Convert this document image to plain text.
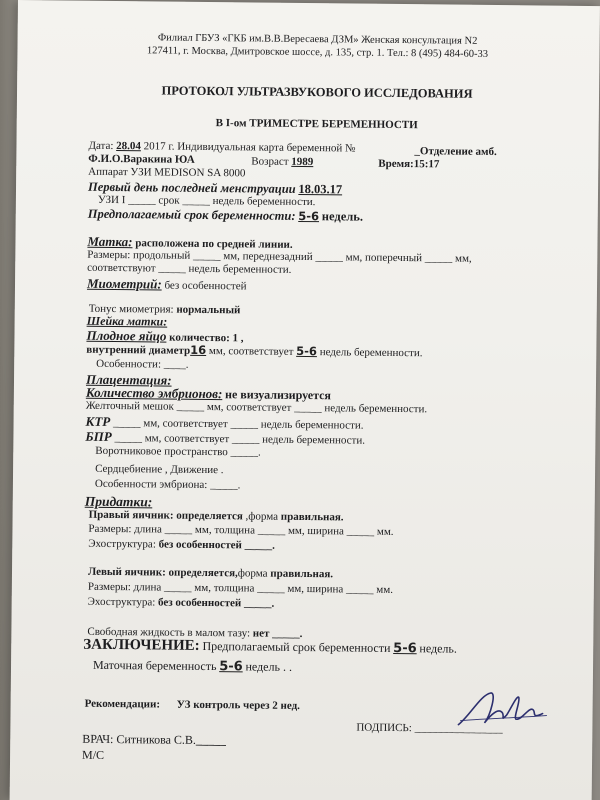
Филиал ГБУЗ «ГКБ им.В.В.Вересаева ДЗМ» Женская консультация N2
127411, г. Москва, Дмитровское шоссе, д. 135, стр. 1. Тел.: 8 (495) 484-60-33
ПРОТОКОЛ УЛЬТРАЗВУКОВОГО ИССЛЕДОВАНИЯ
В I-ом ТРИМЕСТРЕ БЕРЕМЕННОСТИ
Дата: 28.04 2017 г. Индивидуальная карта беременной №	_Отделение амб.
Ф.И.О.Варакина ЮА	Возраст 1989	Время:15:17
Аппарат УЗИ MEDISON SA 8000
Первый день последней менструации 18.03.17
УЗИ I _____ срок _____ недель беременности.
Предполагаемый срок беременности: 5-6 недель.
Матка: расположена по средней линии.
Размеры: продольный _____ мм, переднезадний _____ мм, поперечный _____ мм,
соответствуют _____ недель беременности.
Миометрий: без особенностей
Тонус миометрия: нормальный
Шейка матки:
Плодное яйцо количество: 1 ,
внутренний диаметр16 мм, соответствует 5-6 недель беременности.
Особенности: ____.
Плацентация:
Количество эмбрионов: не визуализируется
Желточный мешок _____ мм, соответствует _____ недель беременности.
КТР _____ мм, соответствует _____ недель беременности.
БПР _____ мм, соответствует _____ недель беременности.
Воротниковое пространство _____.
Сердцебиение , Движение .
Особенности эмбриона: _____.
Придатки:
Правый яичник: определяется ,форма правильная.
Размеры: длина _____ мм, толщина _____ мм, ширина _____ мм.
Эхоструктура: без особенностей _____.
Левый яичник: определяется,форма правильная.
Размеры: длина _____ мм, толщина _____ мм, ширина _____ мм.
Эхоструктура: без особенностей _____.
Свободная жидкость в малом тазу: нет _____.
ЗАКЛЮЧЕНИЕ: Предполагаемый срок беременности 5-6 недель.
Маточная беременность 5-6 недель . .
Рекомендации: УЗ контроль через 2 нед.
ПОДПИСЬ: ________________
ВРАЧ: Ситникова С.В._____
М/С
